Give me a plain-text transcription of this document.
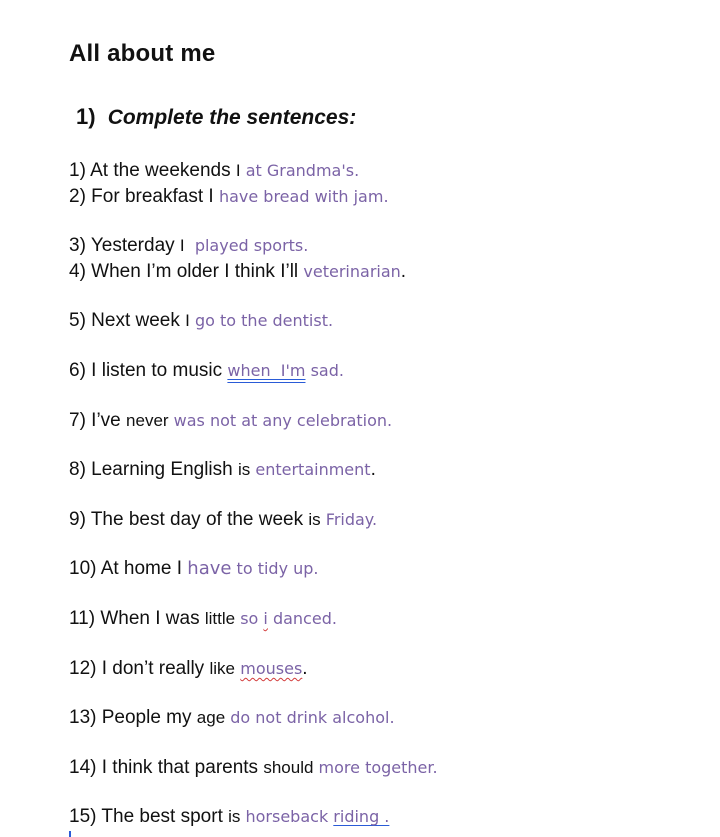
All about me
1) Complete the sentences:
1) At the weekends I at Grandma's.
2) For breakfast I have bread with jam.
3) Yesterday I  played sports.
4) When I’m older I think I’ll veterinarian.
5) Next week I go to the dentist.
6) I listen to music when  I'm sad.
7) I’ve never was not at any celebration.
8) Learning English is entertainment.
9) The best day of the week is Friday.
10) At home I have to tidy up.
11) When I was little so i danced.
12) I don’t really like mouses.
13) People my age do not drink alcohol.
14) I think that parents should more together.
15) The best sport is horseback riding .
